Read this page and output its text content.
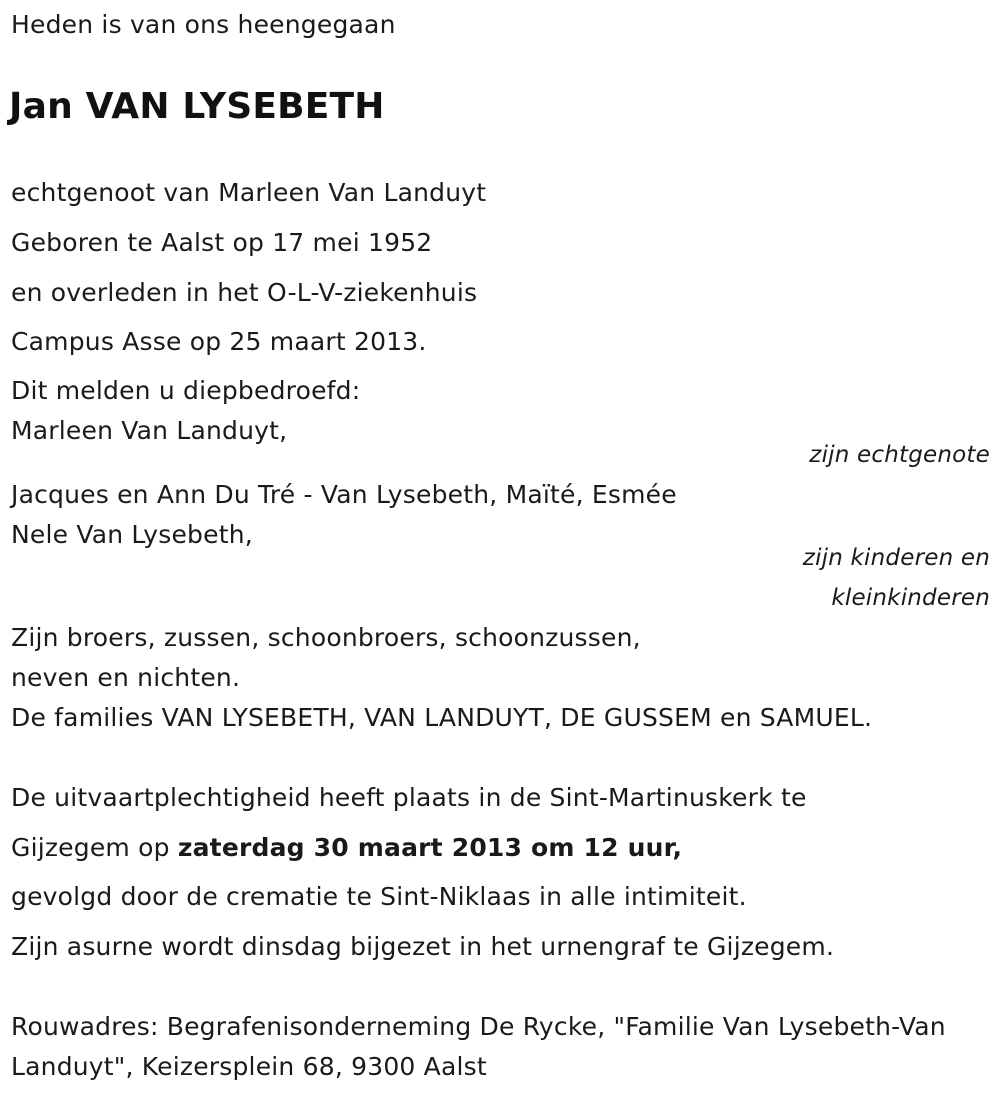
Heden is van ons heengegaan
Jan VAN LYSEBETH
echtgenoot van Marleen Van Landuyt
Geboren te Aalst op 17 mei 1952
en overleden in het O-L-V-ziekenhuis
Campus Asse op 25 maart 2013.
Dit melden u diepbedroefd:
Marleen Van Landuyt,
zijn echtgenote
Jacques en Ann Du Tré - Van Lysebeth, Maïté, Esmée
Nele Van Lysebeth,
zijn kinderen en
kleinkinderen
Zijn broers, zussen, schoonbroers, schoonzussen,
neven en nichten.
De families VAN LYSEBETH, VAN LANDUYT, DE GUSSEM en SAMUEL.
De uitvaartplechtigheid heeft plaats in de Sint-Martinuskerk te
Gijzegem op zaterdag 30 maart 2013 om 12 uur,
gevolgd door de crematie te Sint-Niklaas in alle intimiteit.
Zijn asurne wordt dinsdag bijgezet in het urnengraf te Gijzegem.
Rouwadres: Begrafenisonderneming De Rycke, "Familie Van Lysebeth-Van
Landuyt", Keizersplein 68, 9300 Aalst
